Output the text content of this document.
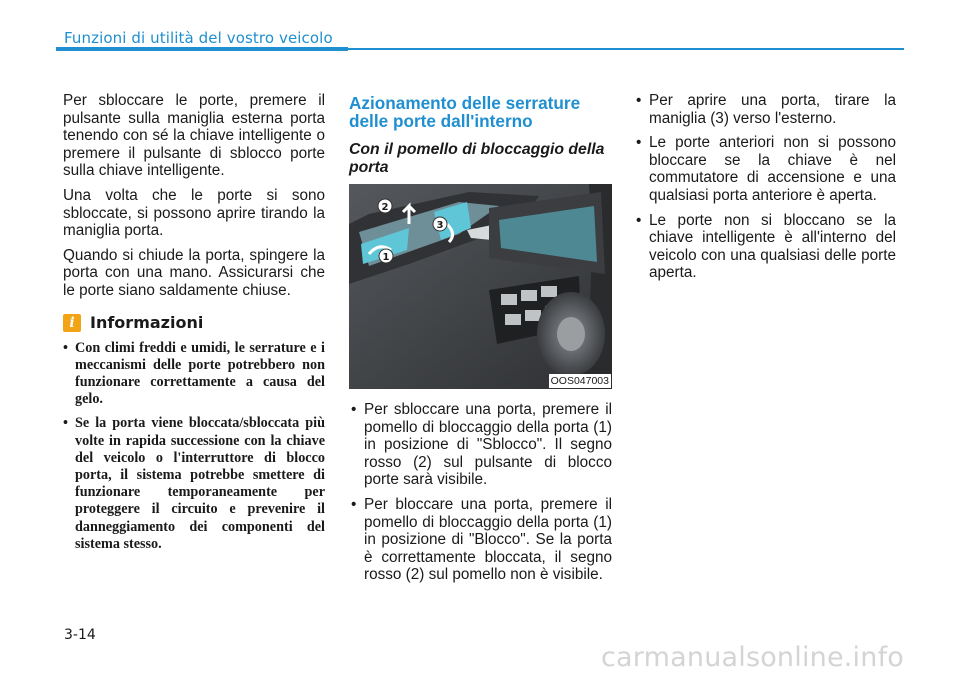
Funzioni di utilità del vostro veicolo

Per sbloccare le porte, premere il pulsante sulla maniglia esterna porta tenendo con sé la chiave intelligente o premere il pulsante di sblocco porte sulla chiave intelligente.

Una volta che le porte si sono sbloccate, si possono aprire tirando la maniglia porta.

Quando si chiude la porta, spingere la porta con una mano. Assicurarsi che le porte siano saldamente chiuse.

i Informazioni
• Con climi freddi e umidi, le serrature e i meccanismi delle porte potrebbero non funzionare correttamente a causa del gelo.
• Se la porta viene bloccata/sbloccata più volte in rapida successione con la chiave del veicolo o l'interruttore di blocco porta, il sistema potrebbe smettere di funzionare temporaneamente per proteggere il circuito e prevenire il danneggiamento dei componenti del sistema stesso.
Azionamento delle serrature delle porte dall'interno
Con il pomello di bloccaggio della porta
1
2
3
OOS047003
• Per sbloccare una porta, premere il pomello di bloccaggio della porta (1) in posizione di "Sblocco". Il segno rosso (2) sul pulsante di blocco porte sarà visibile.
• Per bloccare una porta, premere il pomello di bloccaggio della porta (1) in posizione di "Blocco". Se la porta è correttamente bloccata, il segno rosso (2) sul pomello non è visibile.
• Per aprire una porta, tirare la maniglia (3) verso l'esterno.
• Le porte anteriori non si possono bloccare se la chiave è nel commutatore di accensione e una qualsiasi porta anteriore è aperta.
• Le porte non si bloccano se la chiave intelligente è all'interno del veicolo con una qualsiasi delle porte aperta.
3-14
carmanualsonline.info
